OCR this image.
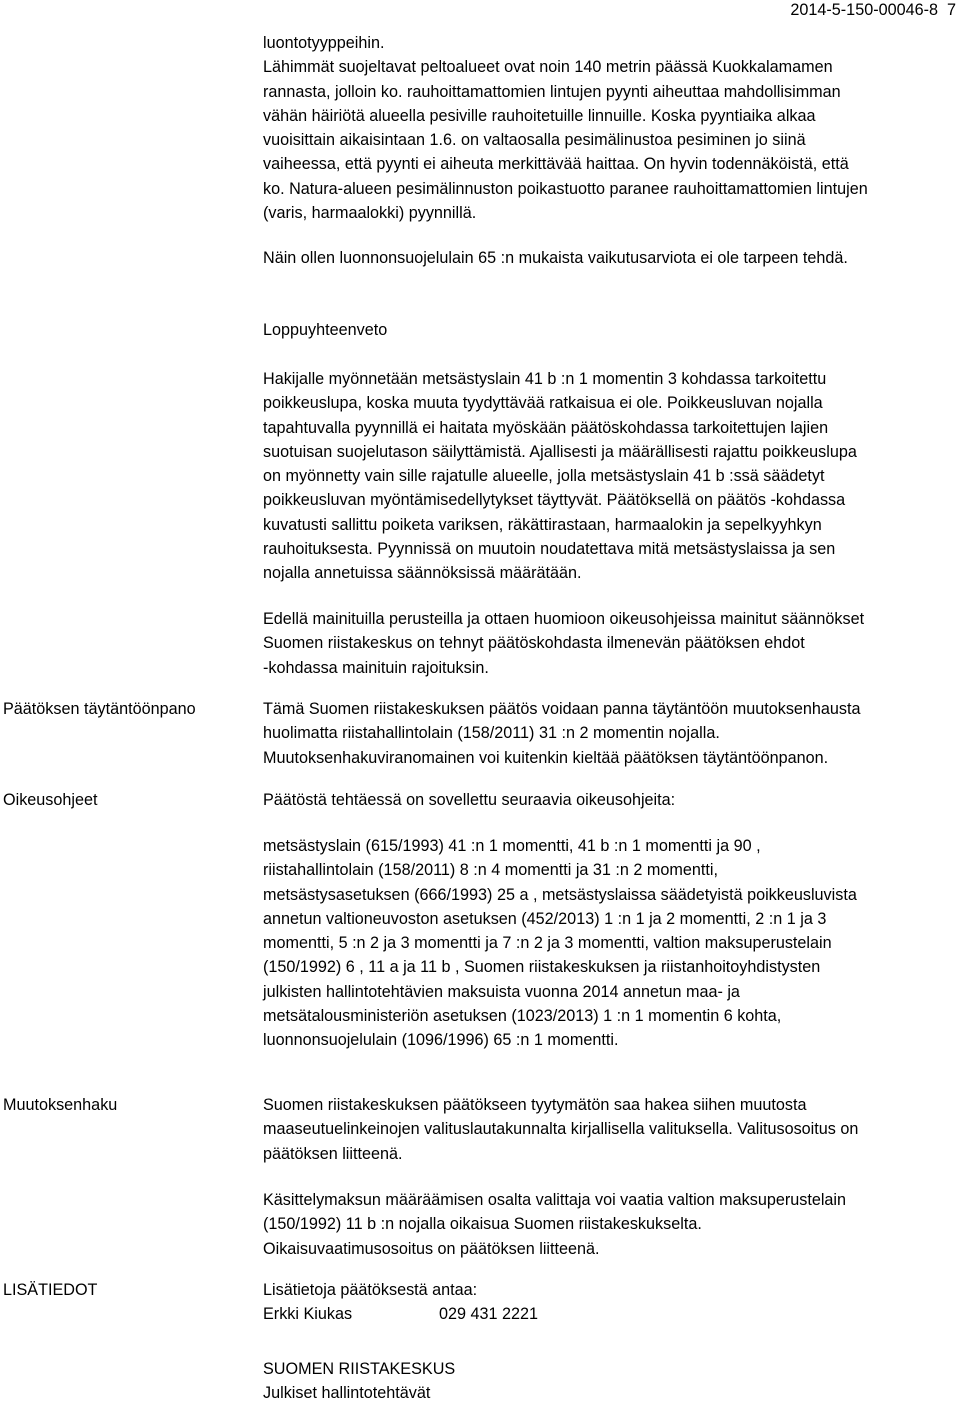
2014-5-150-00046-8 7
luontotyyppeihin.
Lähimmät suojeltavat peltoalueet ovat noin 140 metrin päässä Kuokkalamamen
rannasta, jolloin ko. rauhoittamattomien lintujen pyynti aiheuttaa mahdollisimman
vähän häiriötä alueella pesiville rauhoitetuille linnuille. Koska pyyntiaika alkaa
vuoisittain aikaisintaan 1.6. on valtaosalla pesimälinustoa pesiminen jo siinä
vaiheessa, että pyynti ei aiheuta merkittävää haittaa. On hyvin todennäköistä, että
ko. Natura-alueen pesimälinnuston poikastuotto paranee rauhoittamattomien lintujen
(varis, harmaalokki) pyynnillä.
Näin ollen luonnonsuojelulain 65 :n mukaista vaikutusarviota ei ole tarpeen tehdä.
Loppuyhteenveto
Hakijalle myönnetään metsästyslain 41 b :n 1 momentin 3 kohdassa tarkoitettu
poikkeuslupa, koska muuta tyydyttävää ratkaisua ei ole. Poikkeusluvan nojalla
tapahtuvalla pyynnillä ei haitata myöskään päätöskohdassa tarkoitettujen lajien
suotuisan suojelutason säilyttämistä. Ajallisesti ja määrällisesti rajattu poikkeuslupa
on myönnetty vain sille rajatulle alueelle, jolla metsästyslain 41 b :ssä säädetyt
poikkeusluvan myöntämisedellytykset täyttyvät. Päätöksellä on päätös -kohdassa
kuvatusti sallittu poiketa variksen, räkättirastaan, harmaalokin ja sepelkyyhkyn
rauhoituksesta. Pyynnissä on muutoin noudatettava mitä metsästyslaissa ja sen
nojalla annetuissa säännöksissä määrätään.
Edellä mainituilla perusteilla ja ottaen huomioon oikeusohjeissa mainitut säännökset
Suomen riistakeskus on tehnyt päätöskohdasta ilmenevän päätöksen ehdot
-kohdassa mainituin rajoituksin.
Päätöksen täytäntöönpano	Tämä Suomen riistakeskuksen päätös voidaan panna täytäntöön muutoksenhausta
huolimatta riistahallintolain (158/2011) 31 :n 2 momentin nojalla.
Muutoksenhakuviranomainen voi kuitenkin kieltää päätöksen täytäntöönpanon.
Oikeusohjeet	Päätöstä tehtäessä on sovellettu seuraavia oikeusohjeita:
metsästyslain (615/1993) 41 :n 1 momentti, 41 b :n 1 momentti ja 90 ,
riistahallintolain (158/2011) 8 :n 4 momentti ja 31 :n 2 momentti,
metsästysasetuksen (666/1993) 25 a , metsästyslaissa säädetyistä poikkeusluvista
annetun valtioneuvoston asetuksen (452/2013) 1 :n 1 ja 2 momentti, 2 :n 1 ja 3
momentti, 5 :n 2 ja 3 momentti ja 7 :n 2 ja 3 momentti, valtion maksuperustelain
(150/1992) 6 , 11 a ja 11 b , Suomen riistakeskuksen ja riistanhoitoyhdistysten
julkisten hallintotehtävien maksuista vuonna 2014 annetun maa- ja
metsätalousministeriön asetuksen (1023/2013) 1 :n 1 momentin 6 kohta,
luonnonsuojelulain (1096/1996) 65 :n 1 momentti.
Muutoksenhaku	Suomen riistakeskuksen päätökseen tyytymätön saa hakea siihen muutosta
maaseutuelinkeinojen valituslautakunnalta kirjallisella valituksella. Valitusosoitus on
päätöksen liitteenä.
Käsittelymaksun määräämisen osalta valittaja voi vaatia valtion maksuperustelain
(150/1992) 11 b :n nojalla oikaisua Suomen riistakeskukselta.
Oikaisuvaatimusosoitus on päätöksen liitteenä.
LISÄTIEDOT	Lisätietoja päätöksestä antaa:
Erkki Kiukas	029 431 2221
SUOMEN RIISTAKESKUS
Julkiset hallintotehtävät
